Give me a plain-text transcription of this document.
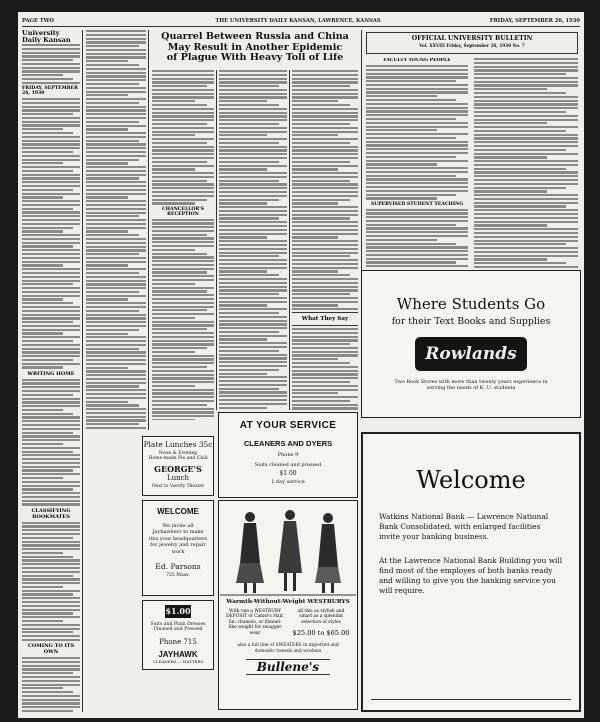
PAGE TWO	THE UNIVERSITY DAILY KANSAN, LAWRENCE, KANSAS	FRIDAY, SEPTEMBER 26, 1930
University Daily Kansan
FRIDAY, SEPTEMBER 26, 1930
WRITING HOME
CLASSIFYING BOOKMATES
COMING TO ITS OWN
Quarrel Between Russia and China
May Result in Another Epidemic
of Plague With Heavy Toll of Life
CHANCELLOR'S RECEPTION
What They Say
OFFICIAL UNIVERSITY BULLETIN
Vol. XXVIII Friday, September 26, 1930 No. 7
FACULTY YOUNG PEOPLE
SUPERVISED STUDENT TEACHING
Where Students Go
for their Text Books and Supplies
Rowlands
Two Book Stores with more than twenty years experience in serving the needs of K. U. students
AT YOUR SERVICE
CLEANERS AND DYERS
Phone 9
Suits cleaned and pressed
$1.00
1 day service
Plate Lunches 35c
Noon & Evening
Home-made Pie and Chili
GEORGE'S
Lunch
Next to Varsity Theatre
WELCOME
We invite all Jayhawkers to make this your headquarters for jewelry and repair work
Ed. Parsons
725 Mass.
$1.00
Suits and Plain Dresses
Cleaned and Pressed
Phone 715
JAYHAWK
CLEANERS — HATTERS
Warmth-Without-Weight WESTBURYS
With one a WESTBURY DEPOSIT of Camel's Hair, fur, chamois, or flannel-like weight for swagger wear
all this as stylish and smart as a splendid selection of styles
$25.00 to $65.00
also a full line of SWEATERS in imported and domestic tweeds and woolens
Bullene's
Welcome
Watkins National Bank — Lawrence National Bank Consolidated, with enlarged facilities invite your banking business.
At the Lawrence National Bank Building you will find most of the employes of both banks ready and willing to give you the banking service you will require.
